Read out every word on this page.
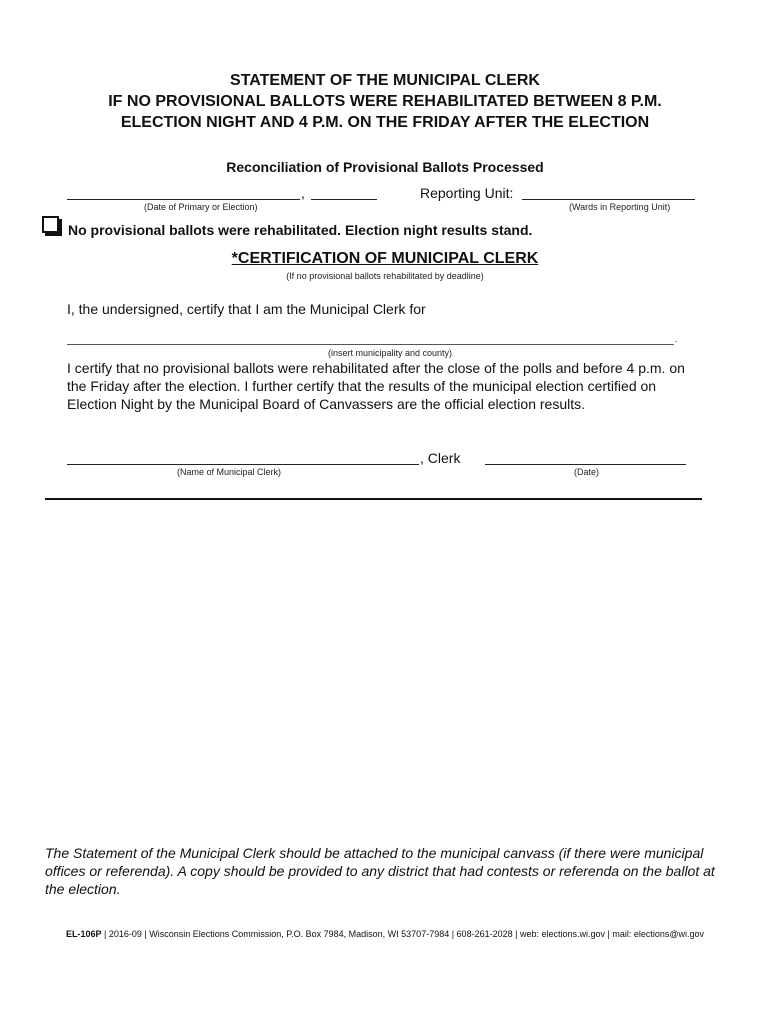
STATEMENT OF THE MUNICIPAL CLERK
IF NO PROVISIONAL BALLOTS WERE REHABILITATED BETWEEN 8 P.M.
ELECTION NIGHT AND 4 P.M. ON THE FRIDAY AFTER THE ELECTION
Reconciliation of Provisional Ballots Processed
,	Reporting Unit:
(Date of Primary or Election)	(Wards in Reporting Unit)
No provisional ballots were rehabilitated. Election night results stand.
*CERTIFICATION OF MUNICIPAL CLERK
(If no provisional ballots rehabilitated by deadline)
I, the undersigned, certify that I am the Municipal Clerk for
.
(insert municipality and county)
I certify that no provisional ballots were rehabilitated after the close of the polls and before 4 p.m. on the Friday after the election. I further certify that the results of the municipal election certified on Election Night by the Municipal Board of Canvassers are the official election results.
, Clerk
(Name of Municipal Clerk)	(Date)
The Statement of the Municipal Clerk should be attached to the municipal canvass (if there were municipal offices or referenda). A copy should be provided to any district that had contests or referenda on the ballot at the election.
EL-106P | 2016-09 | Wisconsin Elections Commission, P.O. Box 7984, Madison, WI 53707-7984 | 608-261-2028 | web: elections.wi.gov | mail: elections@wi.gov
